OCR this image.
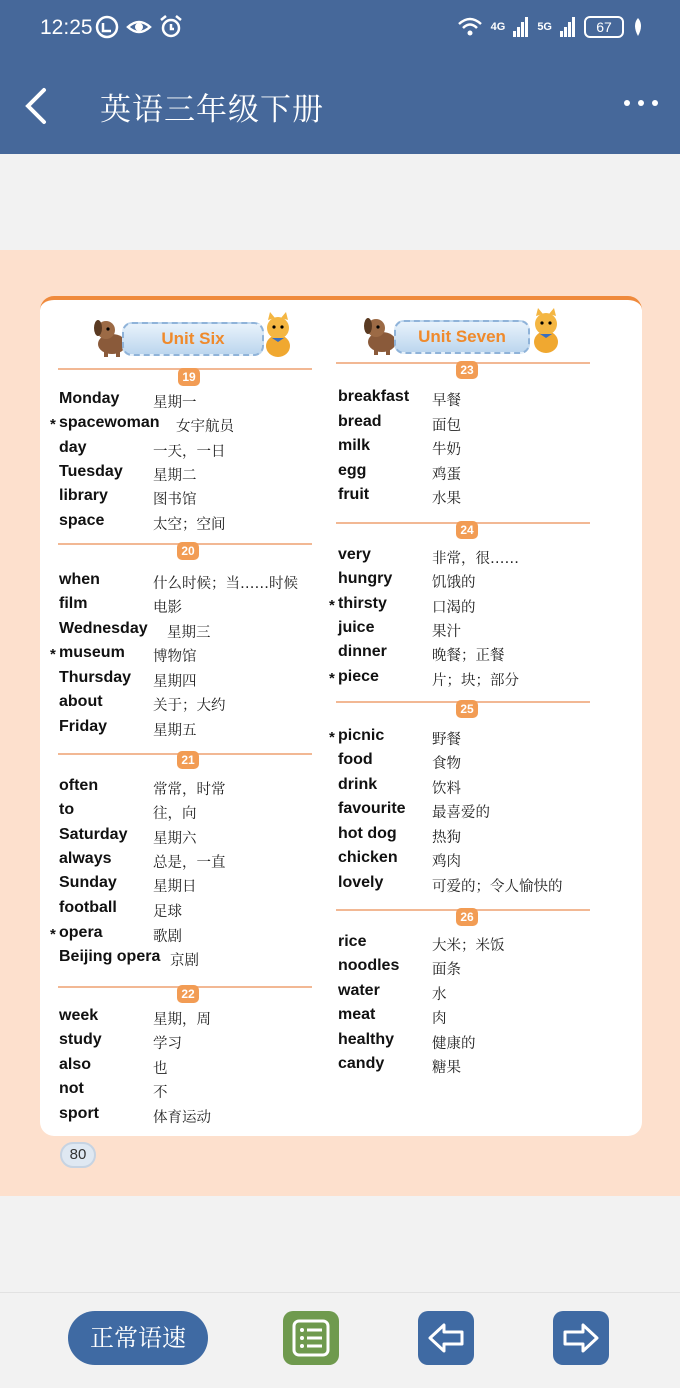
12:25	4G	5G	67
英语三年级下册
Unit Six	Unit Seven
19
Monday 星期一
* spacewoman 女宇航员
day	一天，一日
Tuesday 星期二
library	图书馆
space	太空；空间
20
when	什么时候；当……时候
film	电影
Wednesday 星期三
* museum 博物馆
Thursday 星期四
about	关于；大约
Friday	星期五
21
often	常常，时常
to	往，向
Saturday 星期六
always	总是，一直
Sunday 星期日
football 足球
* opera	歌剧
Beijing opera 京剧
22
week	星期，周
study	学习
also	也
not	不
sport	体育运动
23
breakfast 早餐
bread	面包
milk	牛奶
egg	鸡蛋
fruit	水果
24
very	非常，很……
hungry	饥饿的
* thirsty	口渴的
juice	果汁
dinner	晚餐；正餐
* piece	片；块；部分
25
* picnic	野餐
food	食物
drink	饮料
favourite 最喜爱的
hot dog 热狗
chicken 鸡肉
lovely	可爱的；令人愉快的
26
rice	大米；米饭
noodles 面条
water	水
meat	肉
healthy	健康的
candy	糖果
80
正常语速
